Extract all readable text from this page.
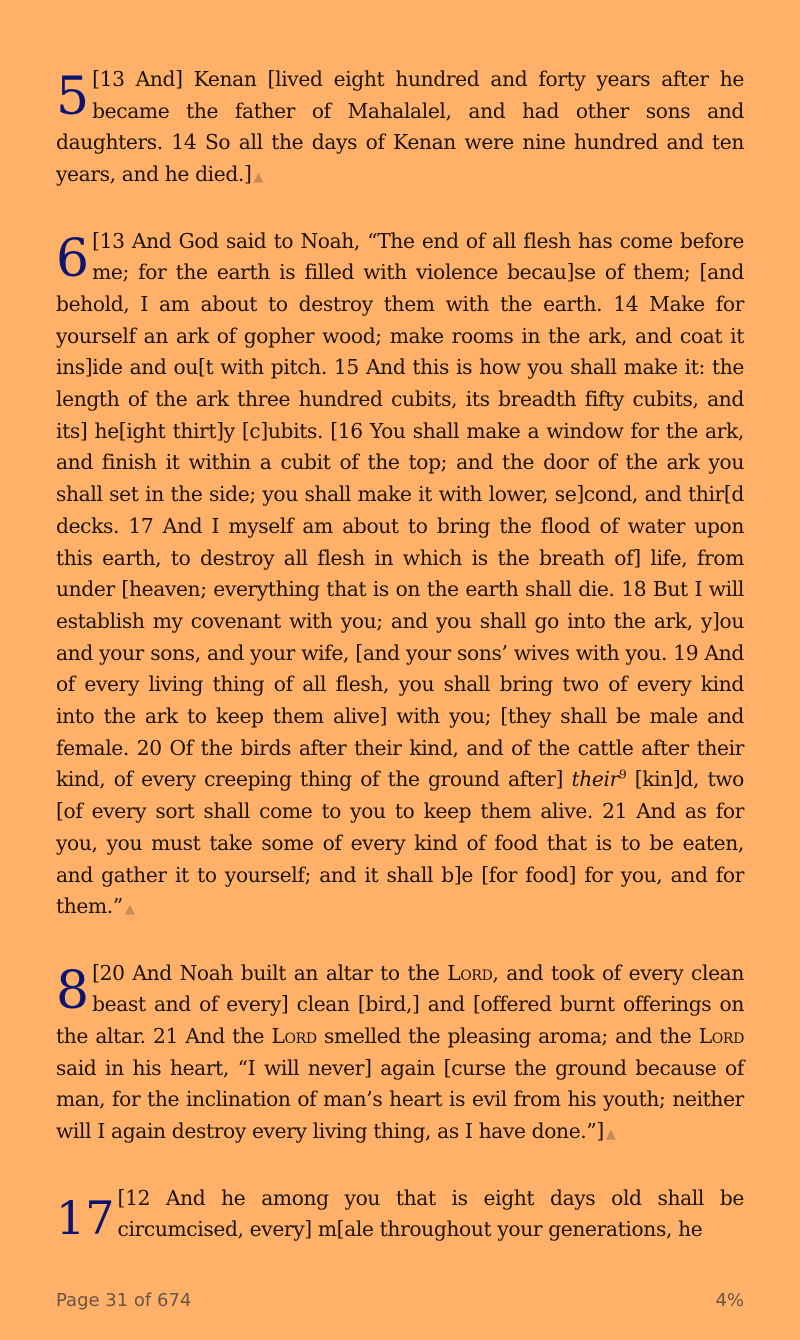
5 [13 And] Kenan [lived eight hundred and forty years after he became the father of Mahalalel, and had other sons and daughters. 14 So all the days of Kenan were nine hundred and ten years, and he died.] ▲

6 [13 And God said to Noah, “The end of all flesh has come before me; for the earth is filled with violence becau]se of them; [and behold, I am about to destroy them with the earth. 14 Make for yourself an ark of gopher wood; make rooms in the ark, and coat it ins]ide and ou[t with pitch. 15 And this is how you shall make it: the length of the ark three hundred cubits, its breadth fifty cubits, and its] he[ight thirt]y [c]ubits. [16 You shall make a window for the ark, and finish it within a cubit of the top; and the door of the ark you shall set in the side; you shall make it with lower, se]cond, and thir[d decks. 17 And I myself am about to bring the flood of water upon this earth, to destroy all flesh in which is the breath of] life, from under [heaven; everything that is on the earth shall die. 18 But I will establish my covenant with you; and you shall go into the ark, y]ou and your sons, and your wife, [and your sons’ wives with you. 19 And of every living thing of all flesh, you shall bring two of every kind into the ark to keep them alive] with you; [they shall be male and female. 20 Of the birds after their kind, and of the cattle after their kind, of every creeping thing of the ground after] their$^9$ [kin]d, two [of every sort shall come to you to keep them alive. 21 And as for you, you must take some of every kind of food that is to be eaten, and gather it to yourself; and it shall b]e [for food] for you, and for them.” ▲

8 [20 And Noah built an altar to the Lord, and took of every clean beast and of every] clean [bird,] and [offered burnt offerings on the altar. 21 And the Lord smelled the pleasing aroma; and the Lord said in his heart, “I will never] again [curse the ground because of man, for the inclination of man’s heart is evil from his youth; neither will I again destroy every living thing, as I have done.”] ▲

17 [12 And he among you that is eight days old shall be circumcised, every] m[ale throughout your generations, he

Page 31 of 674	4%
